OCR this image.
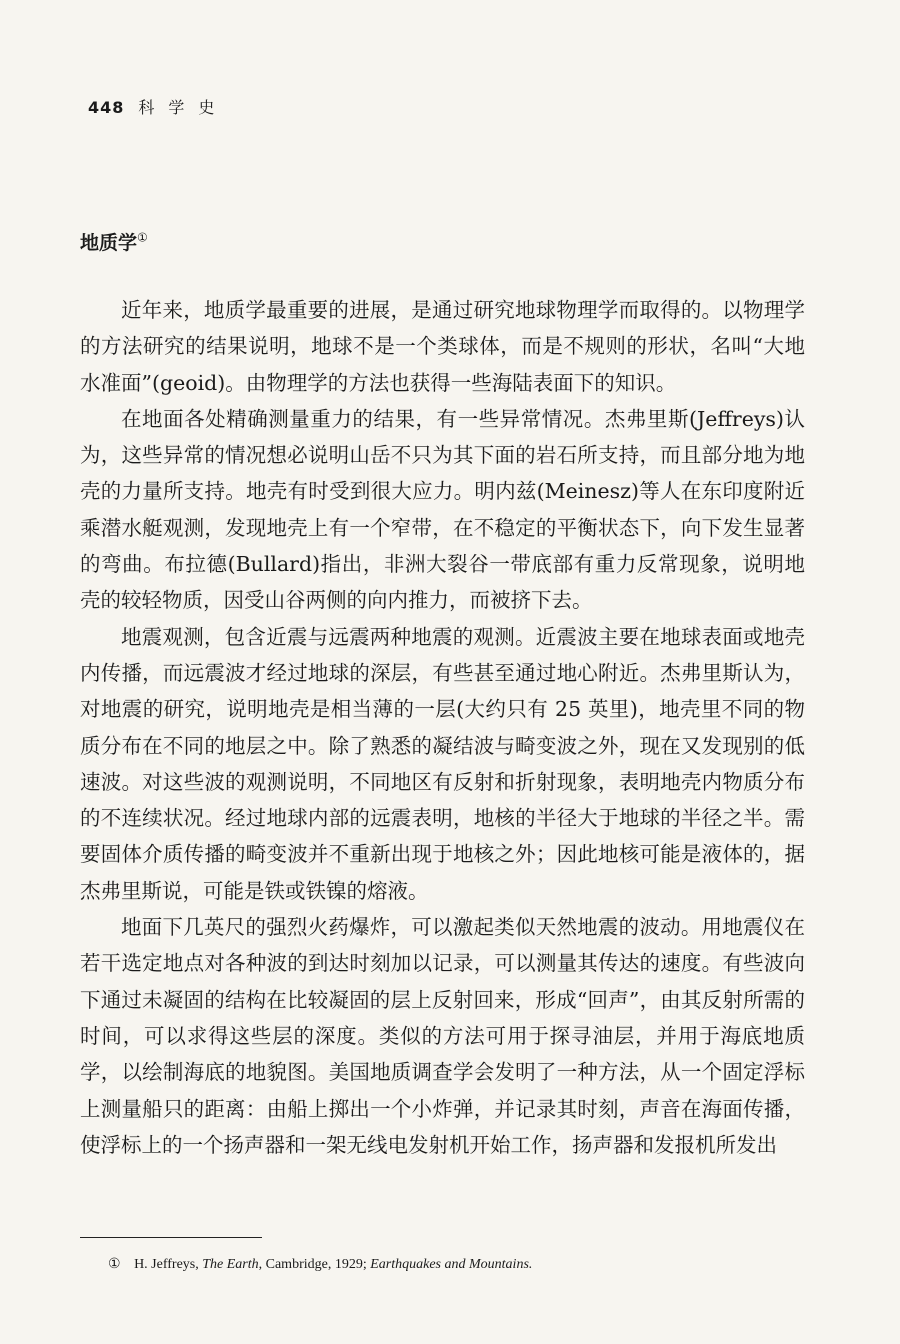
448 科学史
地质学①

近年来，地质学最重要的进展，是通过研究地球物理学而取得的。以物理学的方法研究的结果说明，地球不是一个类球体，而是不规则的形状，名叫“大地水准面”(geoid)。由物理学的方法也获得一些海陆表面下的知识。

在地面各处精确测量重力的结果，有一些异常情况。杰弗里斯(Jeffreys)认为，这些异常的情况想必说明山岳不只为其下面的岩石所支持，而且部分地为地壳的力量所支持。地壳有时受到很大应力。明内兹(Meinesz)等人在东印度附近乘潜水艇观测，发现地壳上有一个窄带，在不稳定的平衡状态下，向下发生显著的弯曲。布拉德(Bullard)指出，非洲大裂谷一带底部有重力反常现象，说明地壳的较轻物质，因受山谷两侧的向内推力，而被挤下去。

地震观测，包含近震与远震两种地震的观测。近震波主要在地球表面或地壳内传播，而远震波才经过地球的深层，有些甚至通过地心附近。杰弗里斯认为，对地震的研究，说明地壳是相当薄的一层(大约只有 25 英里)，地壳里不同的物质分布在不同的地层之中。除了熟悉的凝结波与畸变波之外，现在又发现别的低速波。对这些波的观测说明，不同地区有反射和折射现象，表明地壳内物质分布的不连续状况。经过地球内部的远震表明，地核的半径大于地球的半径之半。需要固体介质传播的畸变波并不重新出现于地核之外；因此地核可能是液体的，据杰弗里斯说，可能是铁或铁镍的熔液。

地面下几英尺的强烈火药爆炸，可以激起类似天然地震的波动。用地震仪在若干选定地点对各种波的到达时刻加以记录，可以测量其传达的速度。有些波向下通过未凝固的结构在比较凝固的层上反射回来，形成“回声”，由其反射所需的时间，可以求得这些层的深度。类似的方法可用于探寻油层，并用于海底地质学，以绘制海底的地貌图。美国地质调查学会发明了一种方法，从一个固定浮标上测量船只的距离：由船上掷出一个小炸弹，并记录其时刻，声音在海面传播，使浮标上的一个扬声器和一架无线电发射机开始工作，扬声器和发报机所发出

① H. Jeffreys, The Earth, Cambridge, 1929; Earthquakes and Mountains.
